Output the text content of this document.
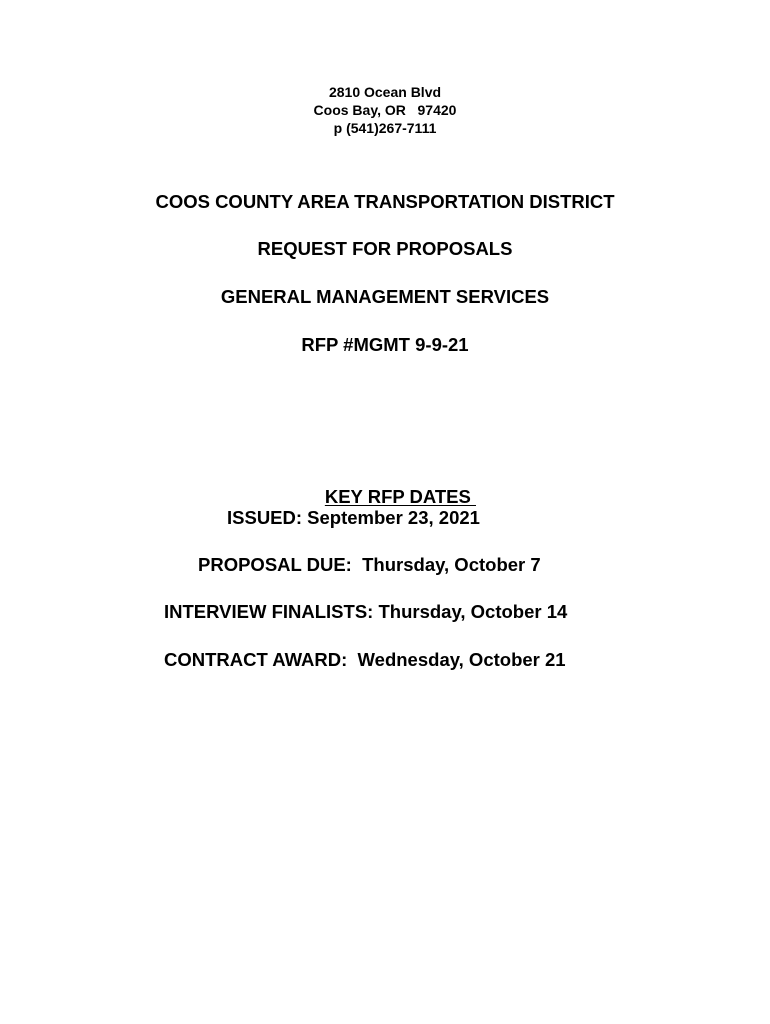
2810 Ocean Blvd

Coos Bay, OR   97420

p (541)267-7111

COOS COUNTY AREA TRANSPORTATION DISTRICT

REQUEST FOR PROPOSALS

GENERAL MANAGEMENT SERVICES

RFP #MGMT 9-9-21

KEY RFP DATES

ISSUED: September 23, 2021

PROPOSAL DUE:  Thursday, October 7

INTERVIEW FINALISTS: Thursday, October 14

CONTRACT AWARD:  Wednesday, October 21
